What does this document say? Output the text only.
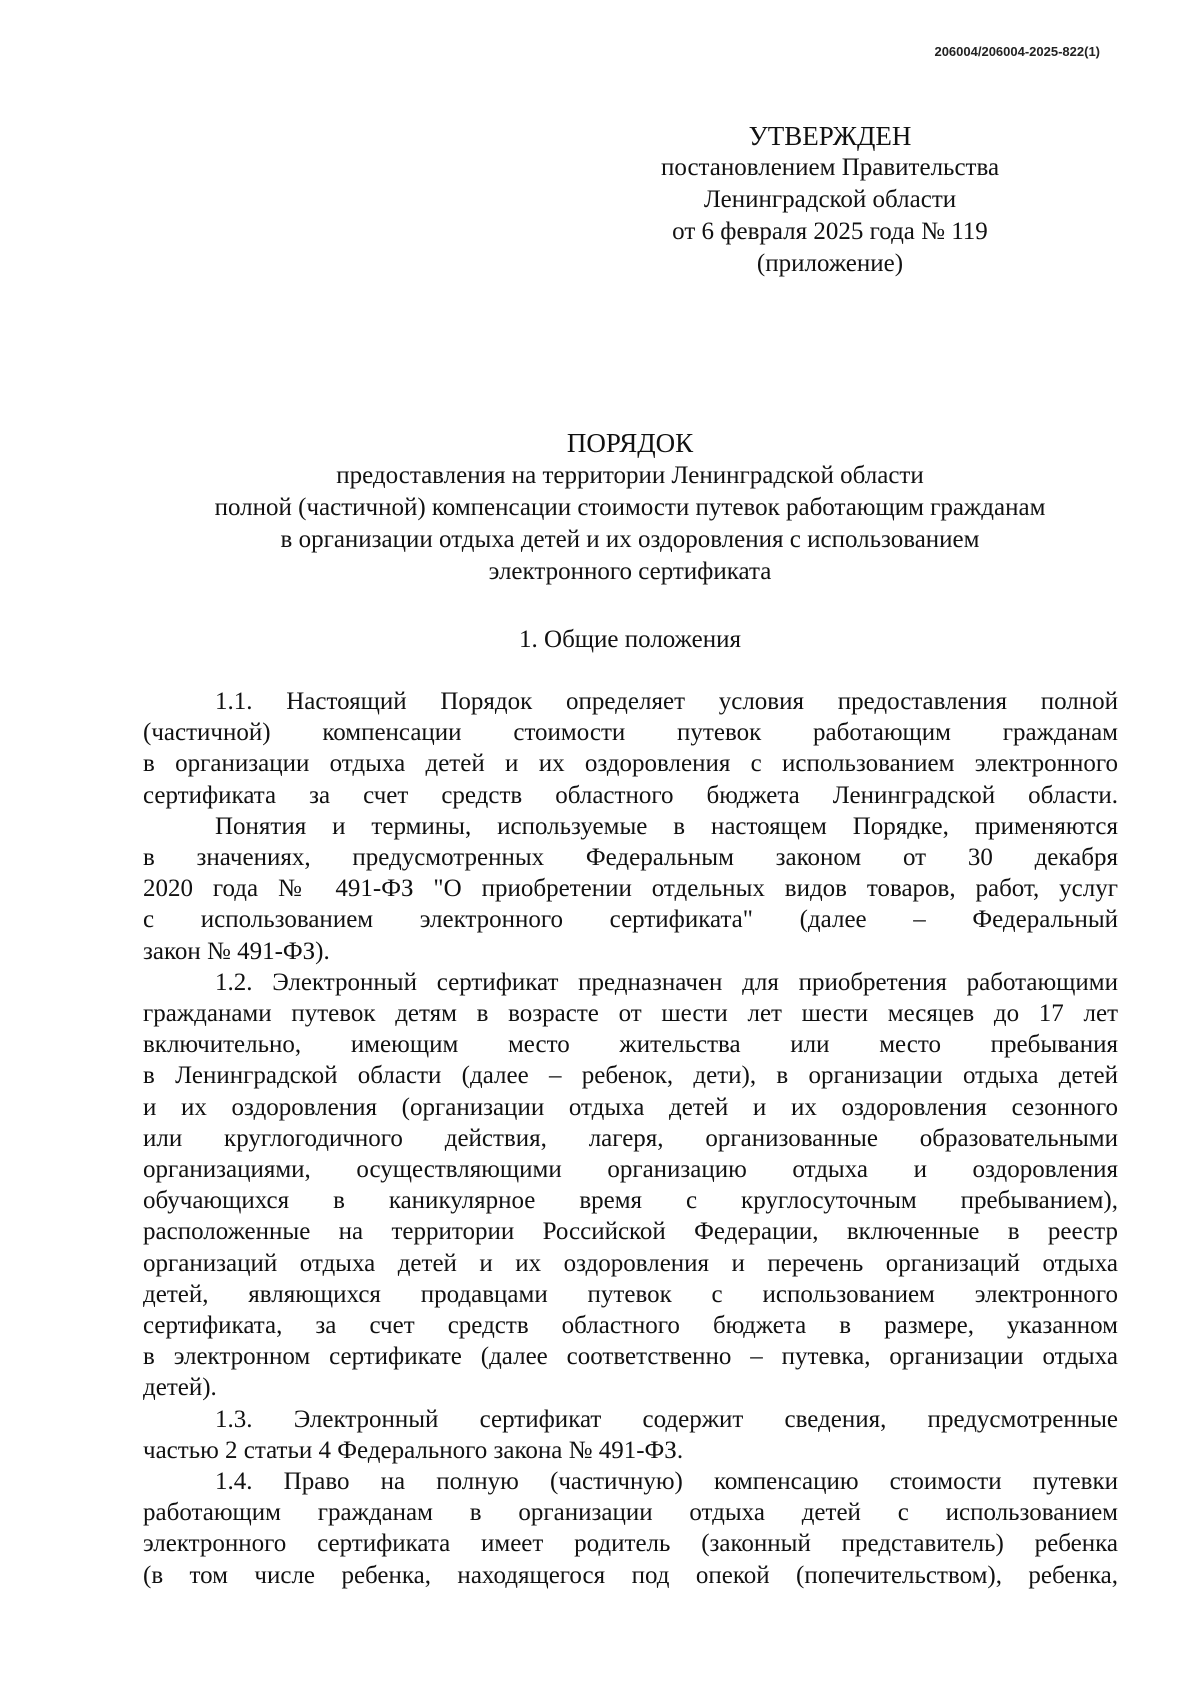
206004/206004-2025-822(1)
УТВЕРЖДЕН
постановлением Правительства
Ленинградской области
от 6 февраля 2025 года № 119
(приложение)
ПОРЯДОК
предоставления на территории Ленинградской области
полной (частичной) компенсации стоимости путевок работающим гражданам
в организации отдыха детей и их оздоровления с использованием
электронного сертификата
1. Общие положения

1.1. Настоящий Порядок определяет условия предоставления полной
(частичной) компенсации стоимости путевок работающим гражданам
в организации отдыха детей и их оздоровления с использованием электронного
сертификата за счет средств областного бюджета Ленинградской области.

Понятия и термины, используемые в настоящем Порядке, применяются
в значениях, предусмотренных Федеральным законом от 30 декабря
2020 года № 491-ФЗ "О приобретении отдельных видов товаров, работ, услуг
с использованием электронного сертификата" (далее – Федеральный
закон № 491-ФЗ).

1.2. Электронный сертификат предназначен для приобретения работающими
гражданами путевок детям в возрасте от шести лет шести месяцев до 17 лет
включительно, имеющим место жительства или место пребывания
в Ленинградской области (далее – ребенок, дети), в организации отдыха детей
и их оздоровления (организации отдыха детей и их оздоровления сезонного
или круглогодичного действия, лагеря, организованные образовательными
организациями, осуществляющими организацию отдыха и оздоровления
обучающихся в каникулярное время с круглосуточным пребыванием),
расположенные на территории Российской Федерации, включенные в реестр
организаций отдыха детей и их оздоровления и перечень организаций отдыха
детей, являющихся продавцами путевок с использованием электронного
сертификата, за счет средств областного бюджета в размере, указанном
в электронном сертификате (далее соответственно – путевка, организации отдыха
детей).

1.3. Электронный сертификат содержит сведения, предусмотренные
частью 2 статьи 4 Федерального закона № 491-ФЗ.

1.4. Право на полную (частичную) компенсацию стоимости путевки
работающим гражданам в организации отдыха детей с использованием
электронного сертификата имеет родитель (законный представитель) ребенка
(в том числе ребенка, находящегося под опекой (попечительством), ребенка,
